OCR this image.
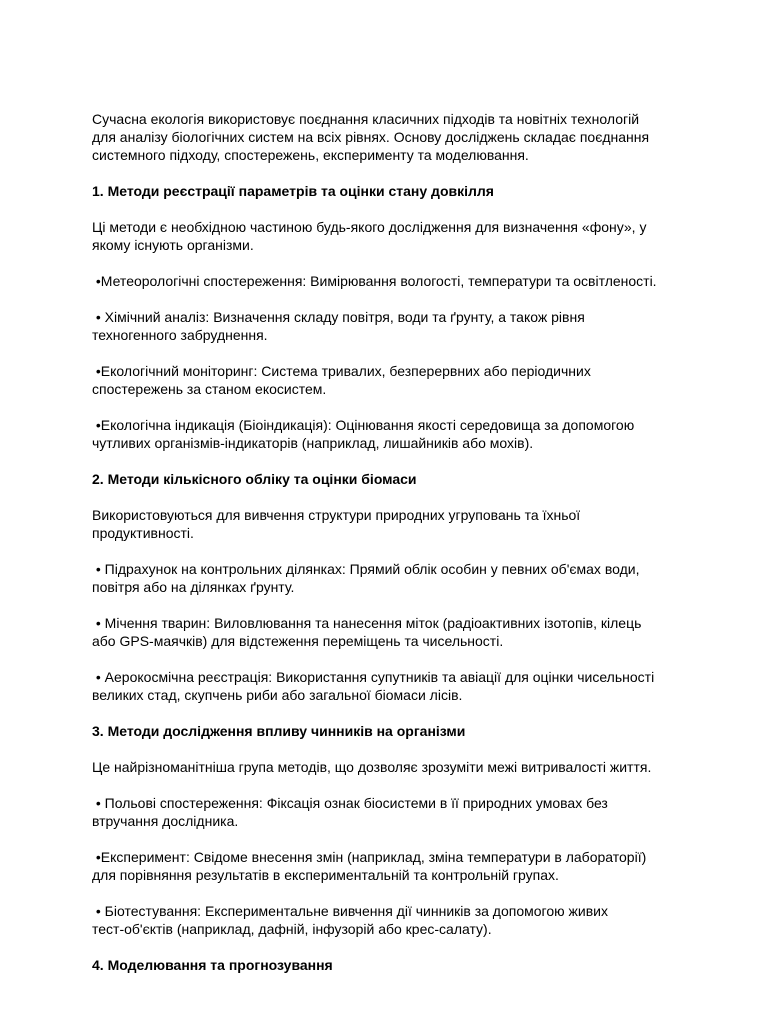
Сучасна екологія використовує поєднання класичних підходів та новітніх технологій
для аналізу біологічних систем на всіх рівнях. Основу досліджень складає поєднання
системного підходу, спостережень, експерименту та моделювання.

1. Методи реєстрації параметрів та оцінки стану довкілля

Ці методи є необхідною частиною будь-якого дослідження для визначення «фону», у
якому існують організми.

•Метеорологічні спостереження: Вимірювання вологості, температури та освітленості.

• Хімічний аналіз: Визначення складу повітря, води та ґрунту, а також рівня
техногенного забруднення.

•Екологічний моніторинг: Система тривалих, безперервних або періодичних
спостережень за станом екосистем.

•Екологічна індикація (Біоіндикація): Оцінювання якості середовища за допомогою
чутливих організмів-індикаторів (наприклад, лишайників або мохів).

2. Методи кількісного обліку та оцінки біомаси

Використовуються для вивчення структури природних угруповань та їхньої
продуктивності.

• Підрахунок на контрольних ділянках: Прямий облік особин у певних об'ємах води,
повітря або на ділянках ґрунту.

• Мічення тварин: Виловлювання та нанесення міток (радіоактивних ізотопів, кілець
або GPS-маячків) для відстеження переміщень та чисельності.

• Аерокосмічна реєстрація: Використання супутників та авіації для оцінки чисельності
великих стад, скупчень риби або загальної біомаси лісів.

3. Методи дослідження впливу чинників на організми

Це найрізноманітніша група методів, що дозволяє зрозуміти межі витривалості життя.

• Польові спостереження: Фіксація ознак біосистеми в її природних умовах без
втручання дослідника.

•Експеримент: Свідоме внесення змін (наприклад, зміна температури в лабораторії)
для порівняння результатів в експериментальній та контрольній групах.

• Біотестування: Експериментальне вивчення дії чинників за допомогою живих
тест-об'єктів (наприклад, дафній, інфузорій або крес-салату).

4. Моделювання та прогнозування
